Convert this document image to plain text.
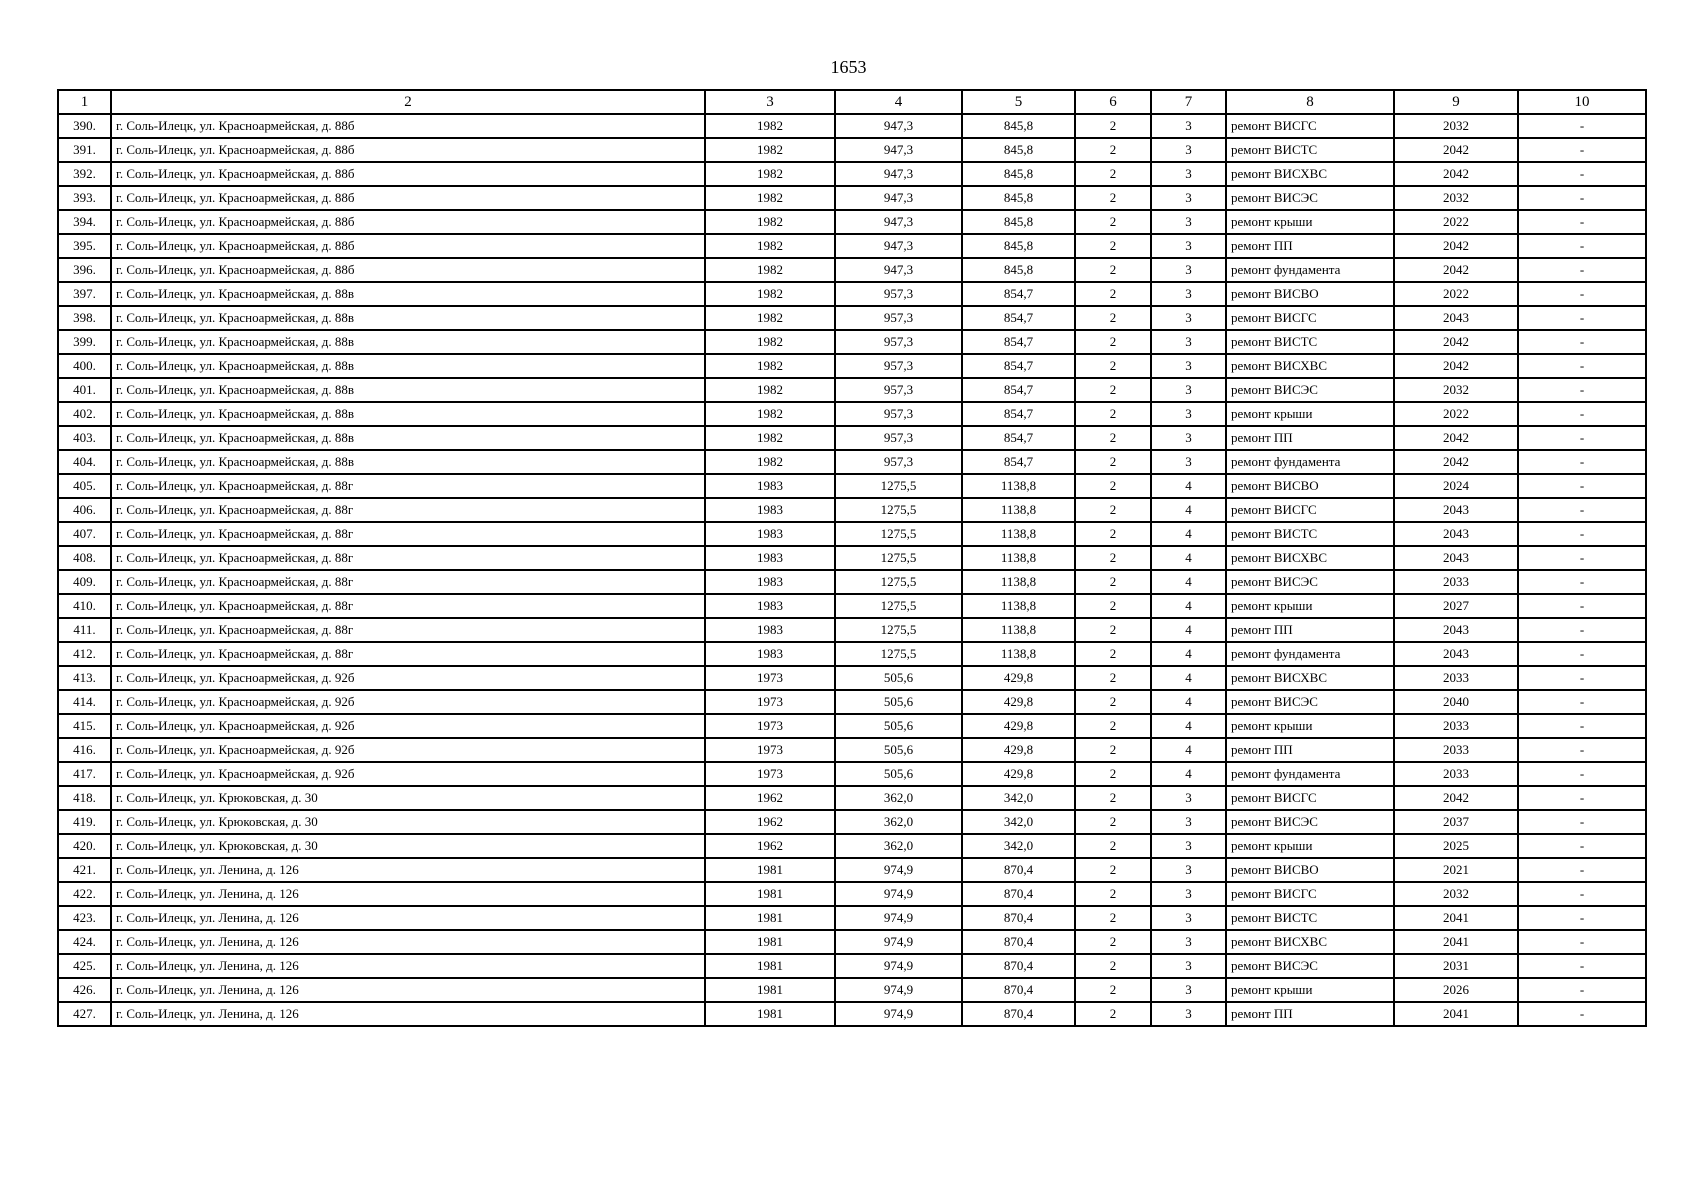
1653
1	2	3	4	5	6	7	8	9	10
390.	г. Соль-Илецк, ул. Красноармейская, д. 88б	1982	947,3	845,8	2	3	ремонт ВИСГС	2032	-
391.	г. Соль-Илецк, ул. Красноармейская, д. 88б	1982	947,3	845,8	2	3	ремонт ВИСТС	2042	-
392.	г. Соль-Илецк, ул. Красноармейская, д. 88б	1982	947,3	845,8	2	3	ремонт ВИСХВС	2042	-
393.	г. Соль-Илецк, ул. Красноармейская, д. 88б	1982	947,3	845,8	2	3	ремонт ВИСЭС	2032	-
394.	г. Соль-Илецк, ул. Красноармейская, д. 88б	1982	947,3	845,8	2	3	ремонт крыши	2022	-
395.	г. Соль-Илецк, ул. Красноармейская, д. 88б	1982	947,3	845,8	2	3	ремонт ПП	2042	-
396.	г. Соль-Илецк, ул. Красноармейская, д. 88б	1982	947,3	845,8	2	3	ремонт фундамента	2042	-
397.	г. Соль-Илецк, ул. Красноармейская, д. 88в	1982	957,3	854,7	2	3	ремонт ВИСВО	2022	-
398.	г. Соль-Илецк, ул. Красноармейская, д. 88в	1982	957,3	854,7	2	3	ремонт ВИСГС	2043	-
399.	г. Соль-Илецк, ул. Красноармейская, д. 88в	1982	957,3	854,7	2	3	ремонт ВИСТС	2042	-
400.	г. Соль-Илецк, ул. Красноармейская, д. 88в	1982	957,3	854,7	2	3	ремонт ВИСХВС	2042	-
401.	г. Соль-Илецк, ул. Красноармейская, д. 88в	1982	957,3	854,7	2	3	ремонт ВИСЭС	2032	-
402.	г. Соль-Илецк, ул. Красноармейская, д. 88в	1982	957,3	854,7	2	3	ремонт крыши	2022	-
403.	г. Соль-Илецк, ул. Красноармейская, д. 88в	1982	957,3	854,7	2	3	ремонт ПП	2042	-
404.	г. Соль-Илецк, ул. Красноармейская, д. 88в	1982	957,3	854,7	2	3	ремонт фундамента	2042	-
405.	г. Соль-Илецк, ул. Красноармейская, д. 88г	1983	1275,5	1138,8	2	4	ремонт ВИСВО	2024	-
406.	г. Соль-Илецк, ул. Красноармейская, д. 88г	1983	1275,5	1138,8	2	4	ремонт ВИСГС	2043	-
407.	г. Соль-Илецк, ул. Красноармейская, д. 88г	1983	1275,5	1138,8	2	4	ремонт ВИСТС	2043	-
408.	г. Соль-Илецк, ул. Красноармейская, д. 88г	1983	1275,5	1138,8	2	4	ремонт ВИСХВС	2043	-
409.	г. Соль-Илецк, ул. Красноармейская, д. 88г	1983	1275,5	1138,8	2	4	ремонт ВИСЭС	2033	-
410.	г. Соль-Илецк, ул. Красноармейская, д. 88г	1983	1275,5	1138,8	2	4	ремонт крыши	2027	-
411.	г. Соль-Илецк, ул. Красноармейская, д. 88г	1983	1275,5	1138,8	2	4	ремонт ПП	2043	-
412.	г. Соль-Илецк, ул. Красноармейская, д. 88г	1983	1275,5	1138,8	2	4	ремонт фундамента	2043	-
413.	г. Соль-Илецк, ул. Красноармейская, д. 92б	1973	505,6	429,8	2	4	ремонт ВИСХВС	2033	-
414.	г. Соль-Илецк, ул. Красноармейская, д. 92б	1973	505,6	429,8	2	4	ремонт ВИСЭС	2040	-
415.	г. Соль-Илецк, ул. Красноармейская, д. 92б	1973	505,6	429,8	2	4	ремонт крыши	2033	-
416.	г. Соль-Илецк, ул. Красноармейская, д. 92б	1973	505,6	429,8	2	4	ремонт ПП	2033	-
417.	г. Соль-Илецк, ул. Красноармейская, д. 92б	1973	505,6	429,8	2	4	ремонт фундамента	2033	-
418.	г. Соль-Илецк, ул. Крюковская, д. 30	1962	362,0	342,0	2	3	ремонт ВИСГС	2042	-
419.	г. Соль-Илецк, ул. Крюковская, д. 30	1962	362,0	342,0	2	3	ремонт ВИСЭС	2037	-
420.	г. Соль-Илецк, ул. Крюковская, д. 30	1962	362,0	342,0	2	3	ремонт крыши	2025	-
421.	г. Соль-Илецк, ул. Ленина, д. 126	1981	974,9	870,4	2	3	ремонт ВИСВО	2021	-
422.	г. Соль-Илецк, ул. Ленина, д. 126	1981	974,9	870,4	2	3	ремонт ВИСГС	2032	-
423.	г. Соль-Илецк, ул. Ленина, д. 126	1981	974,9	870,4	2	3	ремонт ВИСТС	2041	-
424.	г. Соль-Илецк, ул. Ленина, д. 126	1981	974,9	870,4	2	3	ремонт ВИСХВС	2041	-
425.	г. Соль-Илецк, ул. Ленина, д. 126	1981	974,9	870,4	2	3	ремонт ВИСЭС	2031	-
426.	г. Соль-Илецк, ул. Ленина, д. 126	1981	974,9	870,4	2	3	ремонт крыши	2026	-
427.	г. Соль-Илецк, ул. Ленина, д. 126	1981	974,9	870,4	2	3	ремонт ПП	2041	-
